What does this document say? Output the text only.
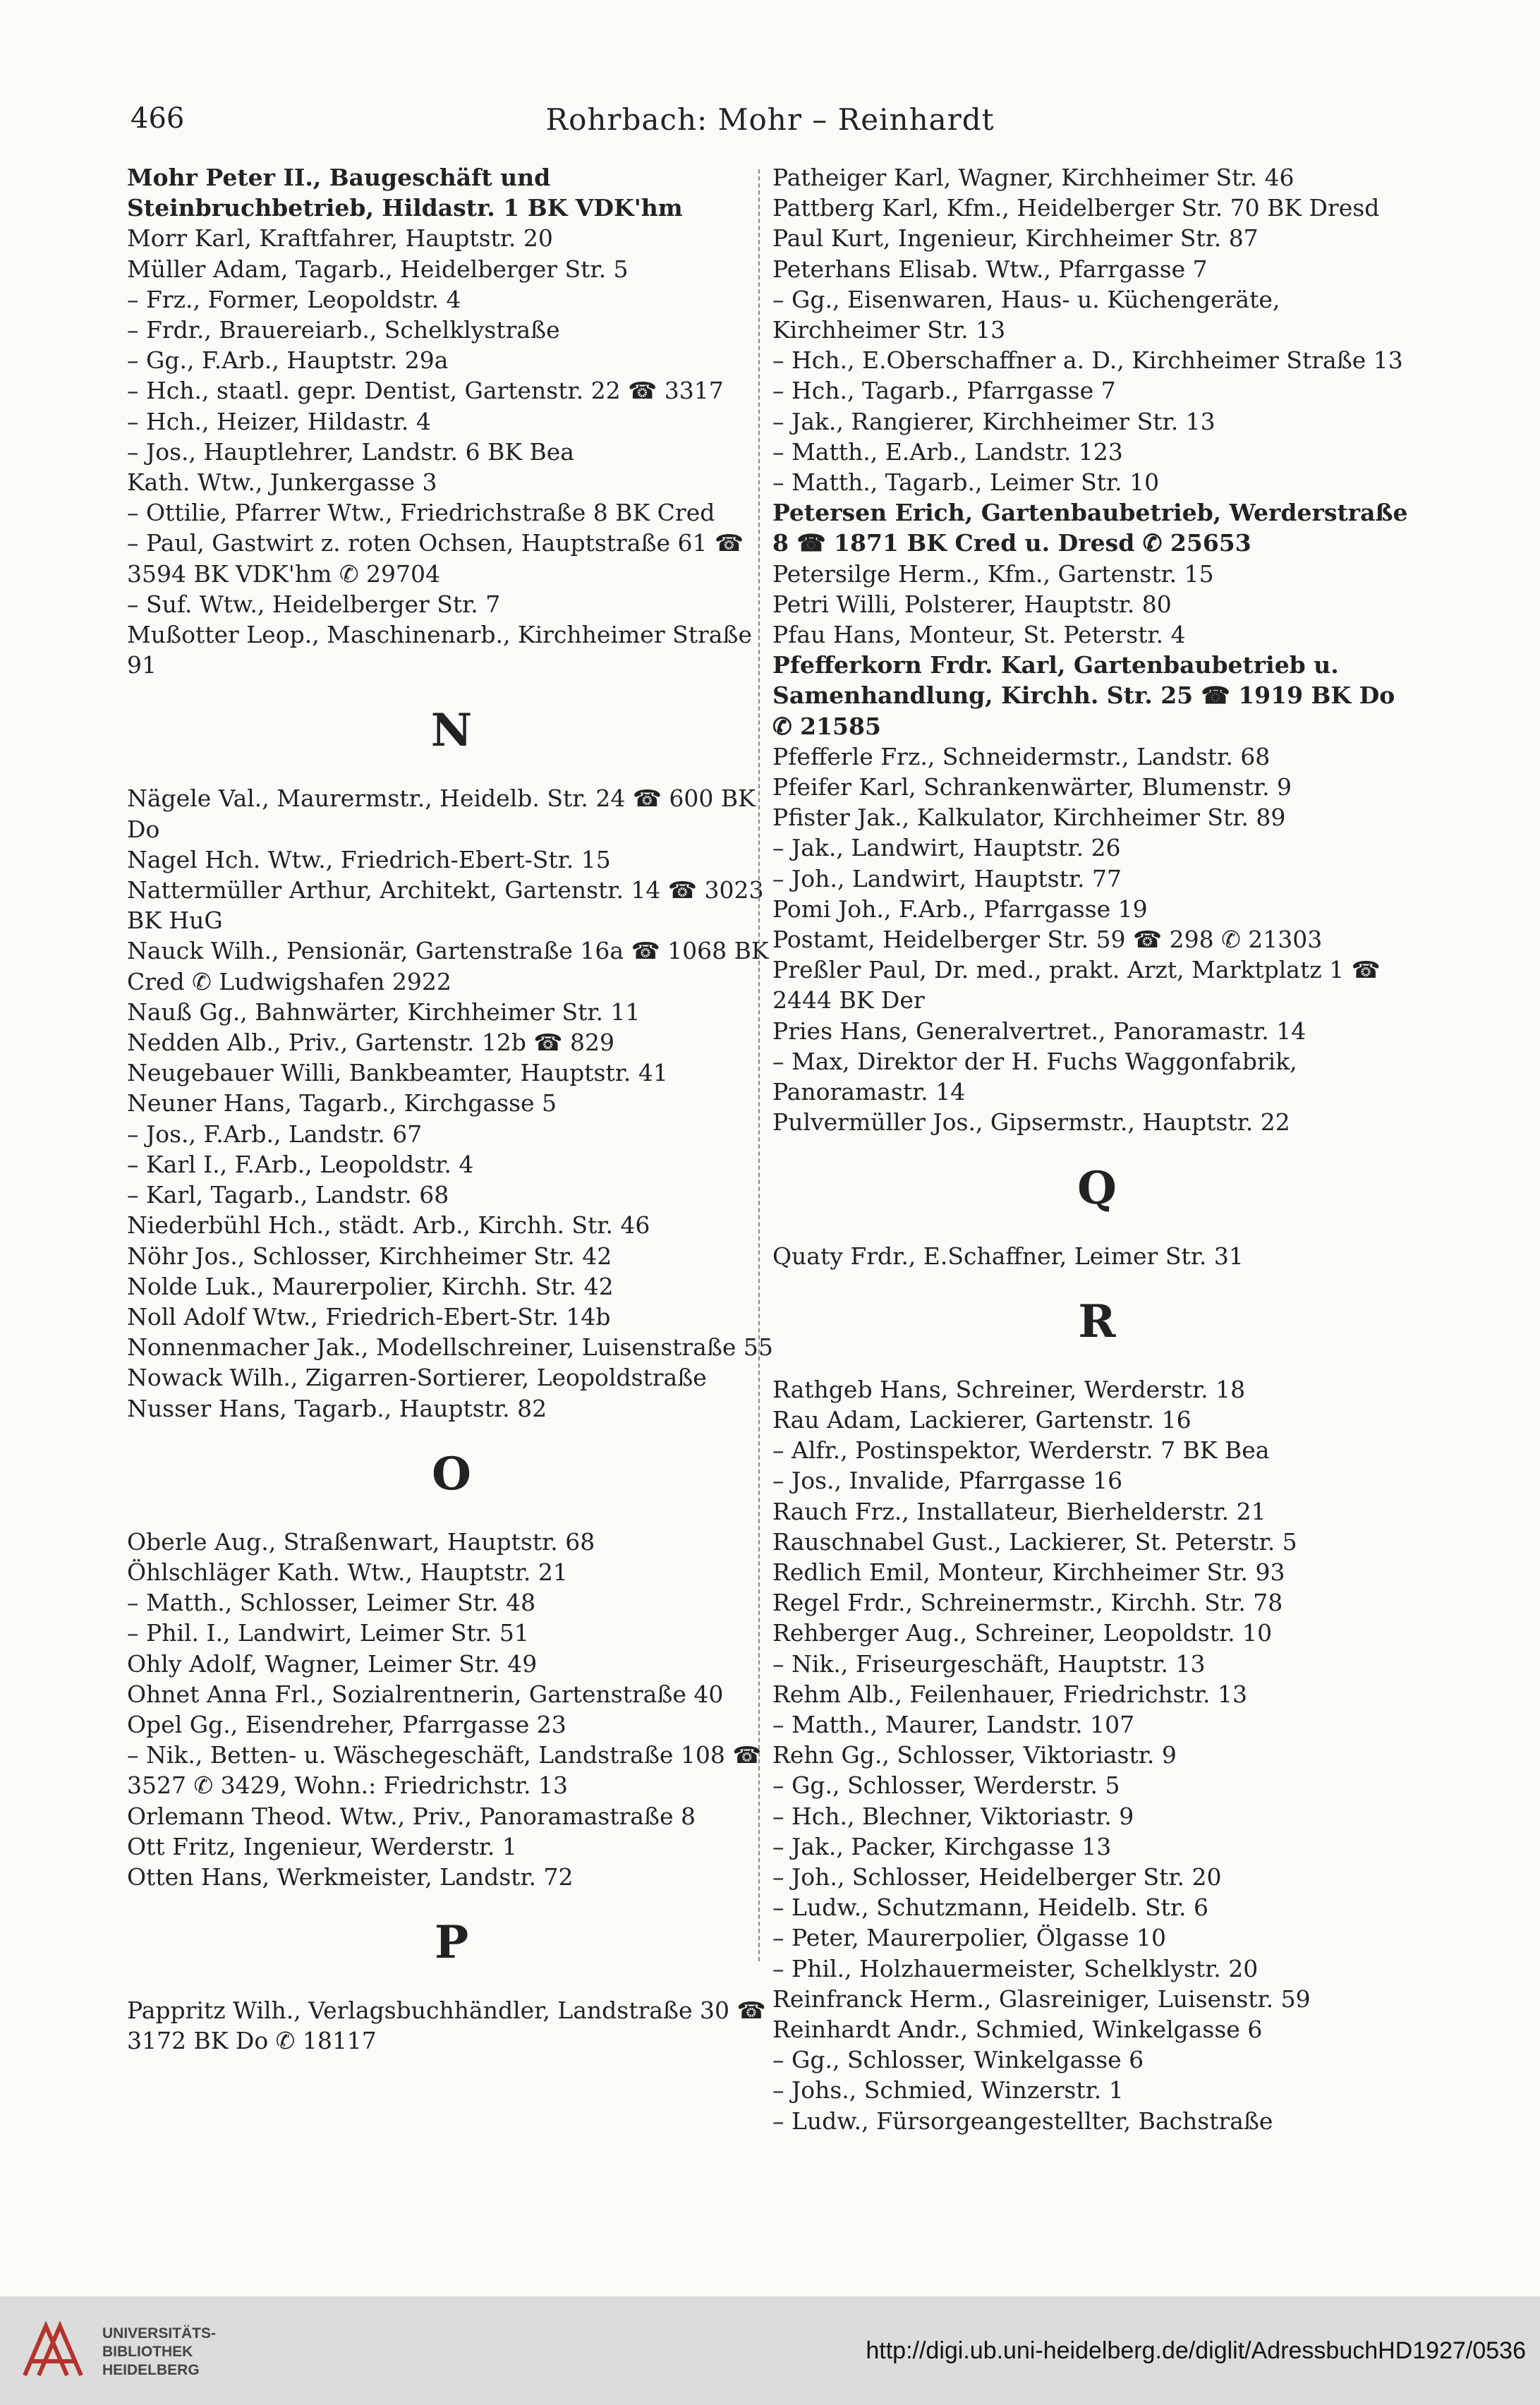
466	Rohrbach: Mohr – Reinhardt
Mohr Peter II., Baugeschäft und Steinbruchbetrieb, Hildastr. 1 BK VDK'hm
Morr Karl, Kraftfahrer, Hauptstr. 20
Müller Adam, Tagarb., Heidelberger Str. 5
– Frz., Former, Leopoldstr. 4
– Frdr., Brauereiarb., Schelklystraße
– Gg., F.Arb., Hauptstr. 29a
– Hch., staatl. gepr. Dentist, Gartenstr. 22 ☎ 3317
– Hch., Heizer, Hildastr. 4
– Jos., Hauptlehrer, Landstr. 6 BK Bea
Kath. Wtw., Junkergasse 3
– Ottilie, Pfarrer Wtw., Friedrichstraße 8 BK Cred
– Paul, Gastwirt z. roten Ochsen, Hauptstraße 61 ☎ 3594 BK VDK'hm ✆ 29704
– Suf. Wtw., Heidelberger Str. 7
Mußotter Leop., Maschinenarb., Kirchheimer Straße 91
N
Nägele Val., Maurermstr., Heidelb. Str. 24 ☎ 600 BK Do
Nagel Hch. Wtw., Friedrich-Ebert-Str. 15
Nattermüller Arthur, Architekt, Gartenstr. 14 ☎ 3023 BK HuG
Nauck Wilh., Pensionär, Gartenstraße 16a ☎ 1068 BK Cred ✆ Ludwigshafen 2922
Nauß Gg., Bahnwärter, Kirchheimer Str. 11
Nedden Alb., Priv., Gartenstr. 12b ☎ 829
Neugebauer Willi, Bankbeamter, Hauptstr. 41
Neuner Hans, Tagarb., Kirchgasse 5
– Jos., F.Arb., Landstr. 67
– Karl I., F.Arb., Leopoldstr. 4
– Karl, Tagarb., Landstr. 68
Niederbühl Hch., städt. Arb., Kirchh. Str. 46
Nöhr Jos., Schlosser, Kirchheimer Str. 42
Nolde Luk., Maurerpolier, Kirchh. Str. 42
Noll Adolf Wtw., Friedrich-Ebert-Str. 14b
Nonnenmacher Jak., Modellschreiner, Luisenstraße 55
Nowack Wilh., Zigarren-Sortierer, Leopoldstraße
Nusser Hans, Tagarb., Hauptstr. 82
O
Oberle Aug., Straßenwart, Hauptstr. 68
Öhlschläger Kath. Wtw., Hauptstr. 21
– Matth., Schlosser, Leimer Str. 48
– Phil. I., Landwirt, Leimer Str. 51
Ohly Adolf, Wagner, Leimer Str. 49
Ohnet Anna Frl., Sozialrentnerin, Gartenstraße 40
Opel Gg., Eisendreher, Pfarrgasse 23
– Nik., Betten- u. Wäschegeschäft, Landstraße 108 ☎ 3527 ✆ 3429, Wohn.: Friedrichstr. 13
Orlemann Theod. Wtw., Priv., Panoramastraße 8
Ott Fritz, Ingenieur, Werderstr. 1
Otten Hans, Werkmeister, Landstr. 72
P
Pappritz Wilh., Verlagsbuchhändler, Landstraße 30 ☎ 3172 BK Do ✆ 18117
Patheiger Karl, Wagner, Kirchheimer Str. 46
Pattberg Karl, Kfm., Heidelberger Str. 70 BK Dresd
Paul Kurt, Ingenieur, Kirchheimer Str. 87
Peterhans Elisab. Wtw., Pfarrgasse 7
– Gg., Eisenwaren, Haus- u. Küchengeräte, Kirchheimer Str. 13
– Hch., E.Oberschaffner a. D., Kirchheimer Straße 13
– Hch., Tagarb., Pfarrgasse 7
– Jak., Rangierer, Kirchheimer Str. 13
– Matth., E.Arb., Landstr. 123
– Matth., Tagarb., Leimer Str. 10
Petersen Erich, Gartenbaubetrieb, Werderstraße 8 ☎ 1871 BK Cred u. Dresd ✆ 25653
Petersilge Herm., Kfm., Gartenstr. 15
Petri Willi, Polsterer, Hauptstr. 80
Pfau Hans, Monteur, St. Peterstr. 4
Pfefferkorn Frdr. Karl, Gartenbaubetrieb u. Samenhandlung, Kirchh. Str. 25 ☎ 1919 BK Do ✆ 21585
Pfefferle Frz., Schneidermstr., Landstr. 68
Pfeifer Karl, Schrankenwärter, Blumenstr. 9
Pfister Jak., Kalkulator, Kirchheimer Str. 89
– Jak., Landwirt, Hauptstr. 26
– Joh., Landwirt, Hauptstr. 77
Pomi Joh., F.Arb., Pfarrgasse 19
Postamt, Heidelberger Str. 59 ☎ 298 ✆ 21303
Preßler Paul, Dr. med., prakt. Arzt, Marktplatz 1 ☎ 2444 BK Der
Pries Hans, Generalvertret., Panoramastr. 14
– Max, Direktor der H. Fuchs Waggonfabrik, Panoramastr. 14
Pulvermüller Jos., Gipsermstr., Hauptstr. 22
Q
Quaty Frdr., E.Schaffner, Leimer Str. 31
R
Rathgeb Hans, Schreiner, Werderstr. 18
Rau Adam, Lackierer, Gartenstr. 16
– Alfr., Postinspektor, Werderstr. 7 BK Bea
– Jos., Invalide, Pfarrgasse 16
Rauch Frz., Installateur, Bierhelderstr. 21
Rauschnabel Gust., Lackierer, St. Peterstr. 5
Redlich Emil, Monteur, Kirchheimer Str. 93
Regel Frdr., Schreinermstr., Kirchh. Str. 78
Rehberger Aug., Schreiner, Leopoldstr. 10
– Nik., Friseurgeschäft, Hauptstr. 13
Rehm Alb., Feilenhauer, Friedrichstr. 13
– Matth., Maurer, Landstr. 107
Rehn Gg., Schlosser, Viktoriastr. 9
– Gg., Schlosser, Werderstr. 5
– Hch., Blechner, Viktoriastr. 9
– Jak., Packer, Kirchgasse 13
– Joh., Schlosser, Heidelberger Str. 20
– Ludw., Schutzmann, Heidelb. Str. 6
– Peter, Maurerpolier, Ölgasse 10
– Phil., Holzhauermeister, Schelklystr. 20
Reinfranck Herm., Glasreiniger, Luisenstr. 59
Reinhardt Andr., Schmied, Winkelgasse 6
– Gg., Schlosser, Winkelgasse 6
– Johs., Schmied, Winzerstr. 1
– Ludw., Fürsorgeangestellter, Bachstraße
UNIVERSITÄTS-
BIBLIOTHEK
HEIDELBERG
http://digi.ub.uni-heidelberg.de/diglit/AdressbuchHD1927/0536
